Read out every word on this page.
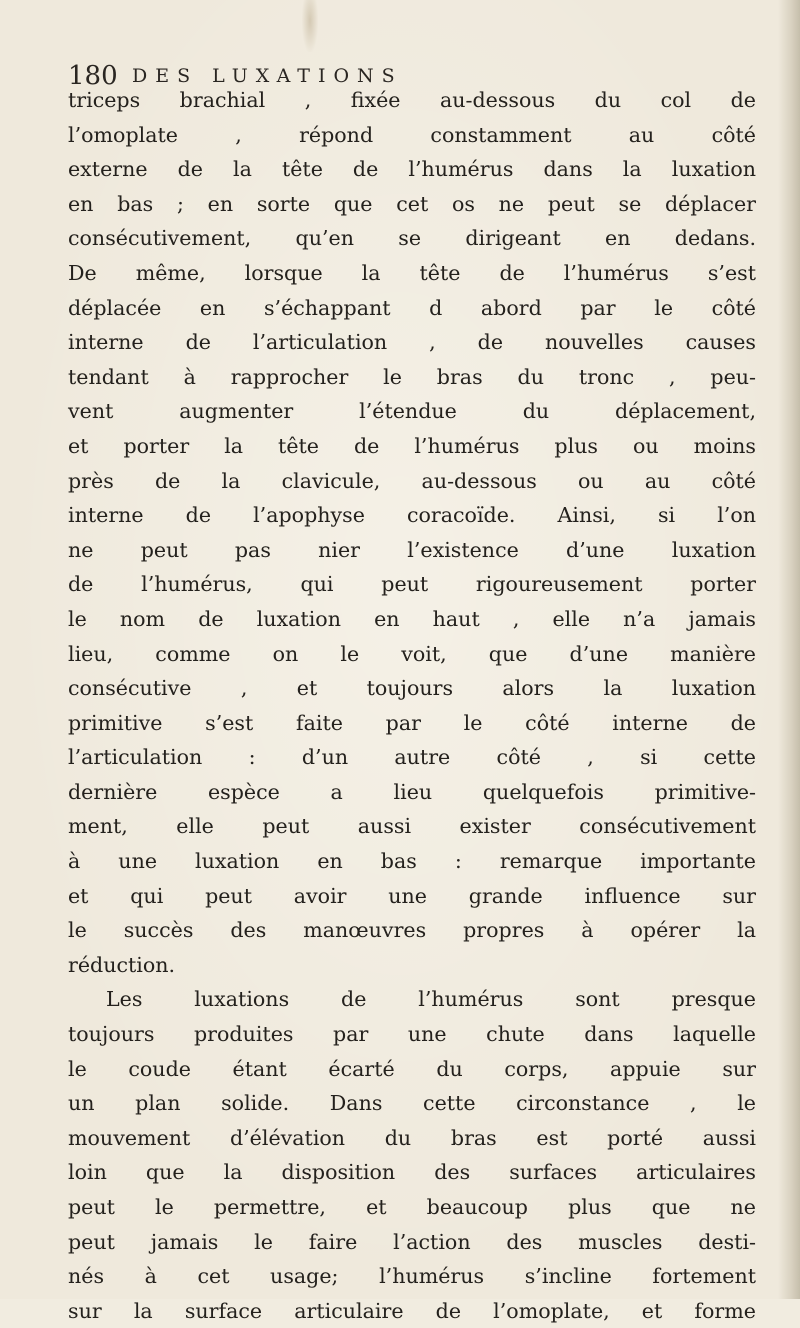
180 DES LUXATIONS
triceps brachial , fixée au-dessous du col de
l’omoplate , répond constamment au côté
externe de la tête de l’humérus dans la luxation
en bas ; en sorte que cet os ne peut se déplacer
consécutivement, qu’en se dirigeant en dedans.
De même, lorsque la tête de l’humérus s’est
déplacée en s’échappant d abord par le côté
interne de l’articulation , de nouvelles causes
tendant à rapprocher le bras du tronc , peu-
vent augmenter l’étendue du déplacement,
et porter la tête de l’humérus plus ou moins
près de la clavicule, au-dessous ou au côté
interne de l’apophyse coracoïde. Ainsi, si l’on
ne peut pas nier l’existence d’une luxation
de l’humérus, qui peut rigoureusement porter
le nom de luxation en haut , elle n’a jamais
lieu, comme on le voit, que d’une manière
consécutive , et toujours alors la luxation
primitive s’est faite par le côté interne de
l’articulation : d’un autre côté , si cette
dernière espèce a lieu quelquefois primitive-
ment, elle peut aussi exister consécutivement
à une luxation en bas : remarque importante
et qui peut avoir une grande influence sur
le succès des manœuvres propres à opérer la
réduction.
Les luxations de l’humérus sont presque
toujours produites par une chute dans laquelle
le coude étant écarté du corps, appuie sur
un plan solide. Dans cette circonstance , le
mouvement d’élévation du bras est porté aussi
loin que la disposition des surfaces articulaires
peut le permettre, et beaucoup plus que ne
peut jamais le faire l’action des muscles desti-
nés à cet usage; l’humérus s’incline fortement
sur la surface articulaire de l’omoplate, et forme
